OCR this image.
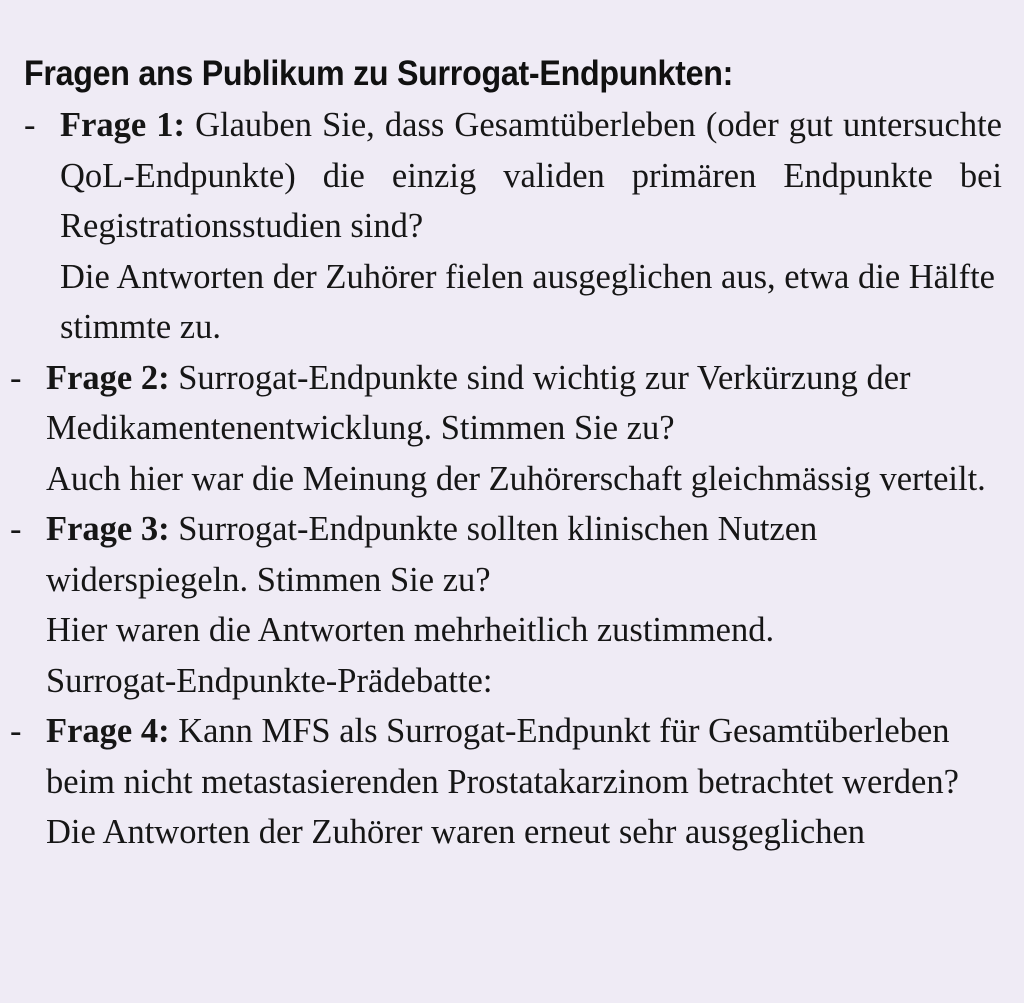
Fragen ans Publikum zu Surrogat-Endpunkten:
- Frage 1: Glauben Sie, dass Gesamtüberleben (oder gut untersuchte QoL-Endpunkte) die einzig validen primären Endpunkte bei Registrationsstudien sind?

Die Antworten der Zuhörer fielen ausgeglichen aus, etwa die Hälfte stimmte zu.

- Frage 2: Surrogat-Endpunkte sind wichtig zur Verkürzung der Medikamentenentwicklung. Stimmen Sie zu?

Auch hier war die Meinung der Zuhörerschaft gleichmässig verteilt.

- Frage 3: Surrogat-Endpunkte sollten klinischen Nutzen widerspiegeln. Stimmen Sie zu?

Hier waren die Antworten mehrheitlich zustimmend.

Surrogat-Endpunkte-Prädebatte:

- Frage 4: Kann MFS als Surrogat-Endpunkt für Gesamtüberleben beim nicht metastasierenden Prostatakarzinom betrachtet werden?

Die Antworten der Zuhörer waren erneut sehr ausgeglichen
